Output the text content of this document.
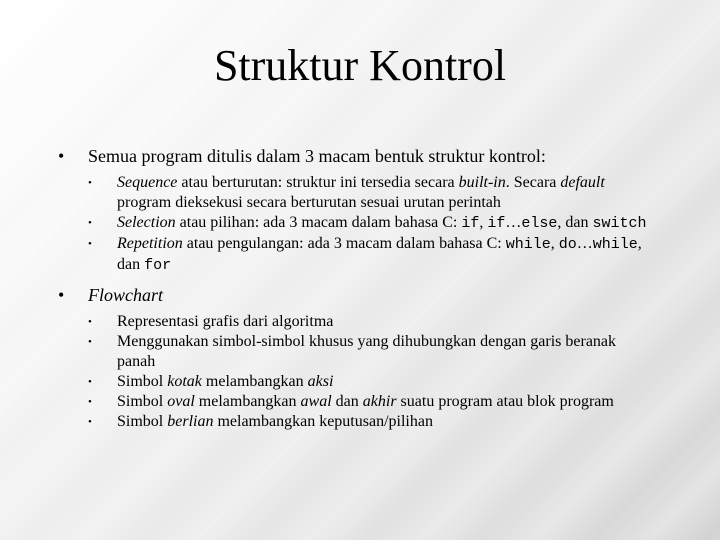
Struktur Kontrol
• Semua program ditulis dalam 3 macam bentuk struktur kontrol:
• Sequence atau berturutan: struktur ini tersedia secara built-in. Secara default program dieksekusi secara berturutan sesuai urutan perintah
• Selection atau pilihan: ada 3 macam dalam bahasa C: if, if…else, dan switch
• Repetition atau pengulangan: ada 3 macam dalam bahasa C: while, do…while, dan for
• Flowchart
• Representasi grafis dari algoritma
• Menggunakan simbol-simbol khusus yang dihubungkan dengan garis beranak panah
• Simbol kotak melambangkan aksi
• Simbol oval melambangkan awal dan akhir suatu program atau blok program
• Simbol berlian melambangkan keputusan/pilihan
